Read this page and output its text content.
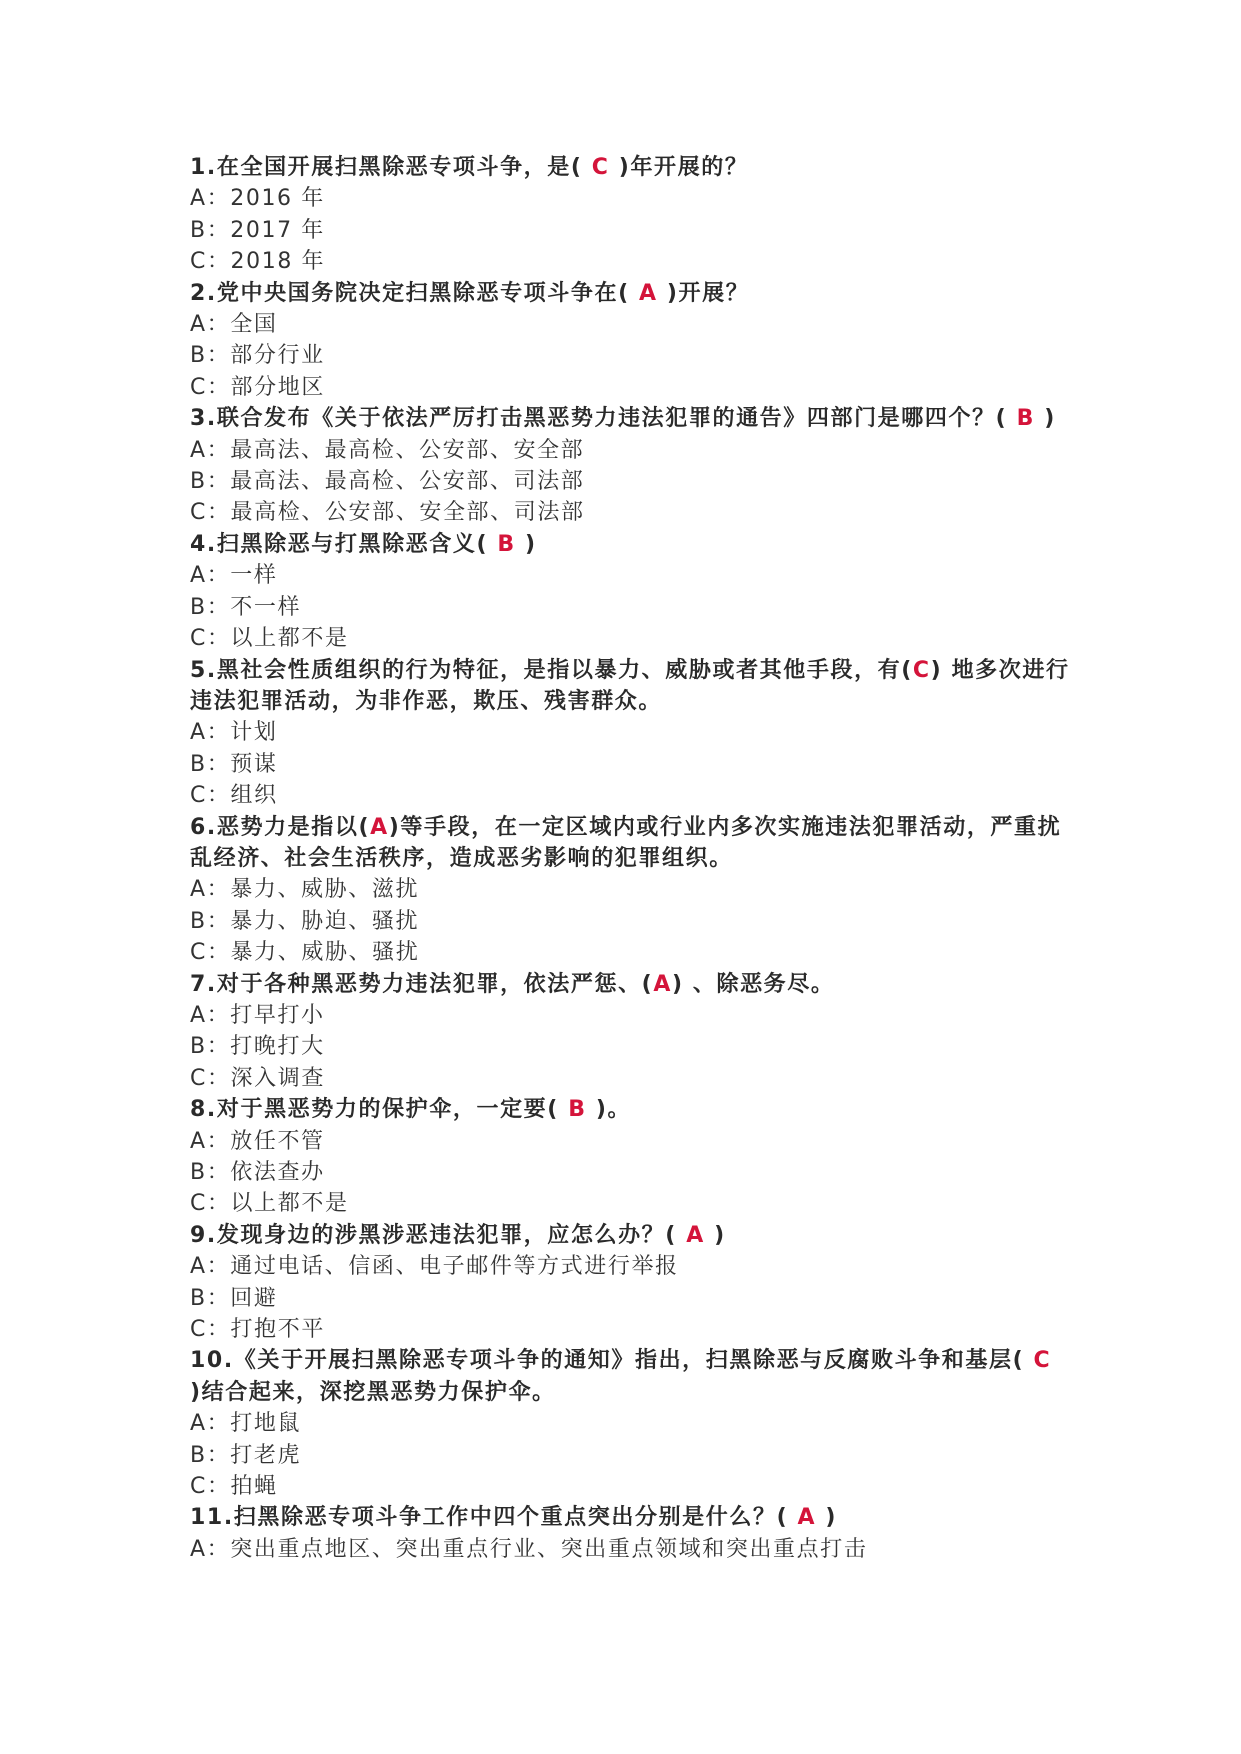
1.在全国开展扫黑除恶专项斗争，是( C )年开展的？

A：2016 年

B：2017 年

C：2018 年

2.党中央国务院决定扫黑除恶专项斗争在( A )开展？

A：全国

B：部分行业

C：部分地区

3.联合发布《关于依法严厉打击黑恶势力违法犯罪的通告》四部门是哪四个？( B )

A：最高法、最高检、公安部、安全部

B：最高法、最高检、公安部、司法部

C：最高检、公安部、安全部、司法部

4.扫黑除恶与打黑除恶含义( B )

A：一样

B：不一样

C：以上都不是

5.黑社会性质组织的行为特征，是指以暴力、威胁或者其他手段，有(C) 地多次进行违法犯罪活动，为非作恶，欺压、残害群众。

A：计划

B：预谋

C：组织

6.恶势力是指以(A)等手段，在一定区域内或行业内多次实施违法犯罪活动，严重扰乱经济、社会生活秩序，造成恶劣影响的犯罪组织。

A：暴力、威胁、滋扰

B：暴力、胁迫、骚扰

C：暴力、威胁、骚扰

7.对于各种黑恶势力违法犯罪，依法严惩、(A) 、除恶务尽。

A：打早打小

B：打晚打大

C：深入调查

8.对于黑恶势力的保护伞，一定要( B )。

A：放任不管

B：依法查办

C：以上都不是

9.发现身边的涉黑涉恶违法犯罪，应怎么办？( A )

A：通过电话、信函、电子邮件等方式进行举报

B：回避

C：打抱不平

10.《关于开展扫黑除恶专项斗争的通知》指出，扫黑除恶与反腐败斗争和基层( C )结合起来，深挖黑恶势力保护伞。

A：打地鼠

B：打老虎

C：拍蝇

11.扫黑除恶专项斗争工作中四个重点突出分别是什么？( A )

A：突出重点地区、突出重点行业、突出重点领域和突出重点打击
